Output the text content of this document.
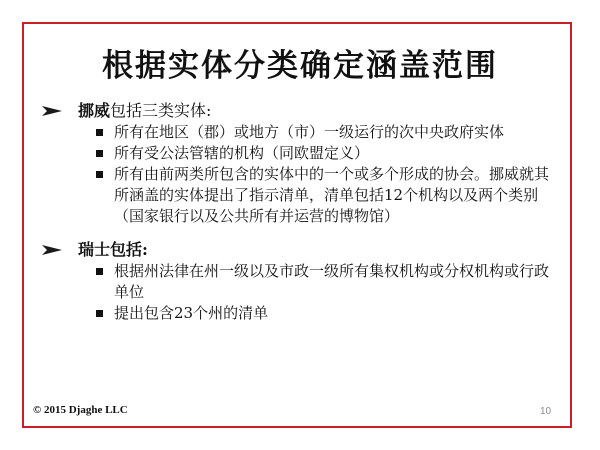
根据实体分类确定涵盖范围
挪威包括三类实体:
所有在地区（郡）或地方（市）一级运行的次中央政府实体
所有受公法管辖的机构（同欧盟定义）
所有由前两类所包含的实体中的一个或多个形成的协会。挪威就其所涵盖的实体提出了指示清单，清单包括12个机构以及两个类别（国家银行以及公共所有并运营的博物馆）
瑞士包括:
根据州法律在州一级以及市政一级所有集权机构或分权机构或行政单位
提出包含23个州的清单
© 2015 Djaghe LLC	10
